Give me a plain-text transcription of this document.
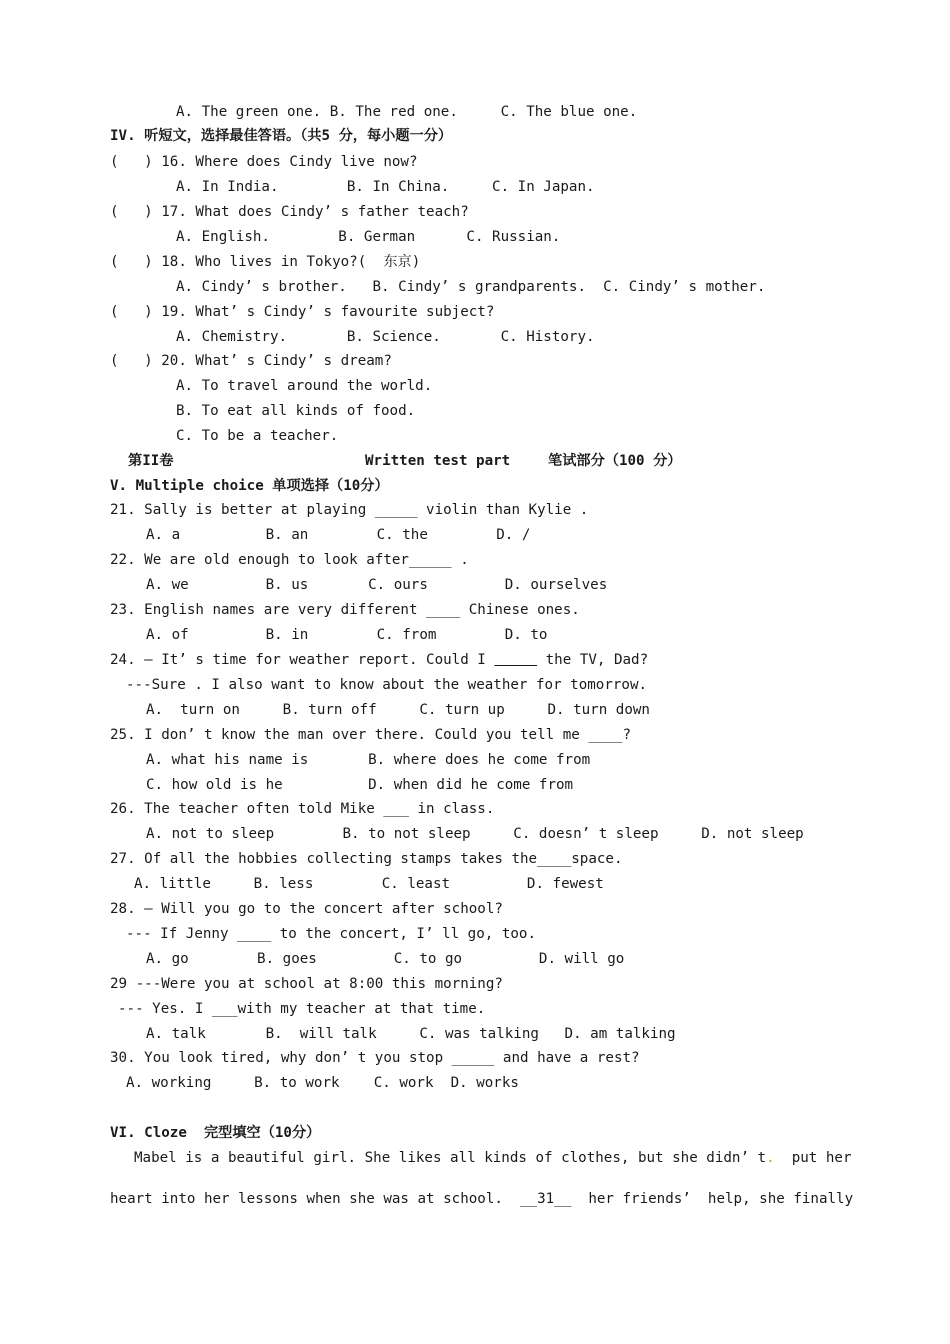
A. The green one. B. The red one.     C. The blue one.
IV. 听短文，选择最佳答语。（共5 分，每小题一分）
(   ) 16. Where does Cindy live now?
A. In India.        B. In China.     C. In Japan.
(   ) 17. What does Cindy’ s father teach?
A. English.        B. German      C. Russian.
(   ) 18. Who lives in Tokyo?(  东京)
A. Cindy’ s brother.   B. Cindy’ s grandparents.  C. Cindy’ s mother.
(   ) 19. What’ s Cindy’ s favourite subject?
A. Chemistry.       B. Science.       C. History.
(   ) 20. What’ s Cindy’ s dream?
A. To travel around the world.
B. To eat all kinds of food.
C. To be a teacher.
第II卷	Written test part	笔试部分（100 分）
V. Multiple choice 单项选择（10分）
21. Sally is better at playing _____ violin than Kylie .
A. a          B. an        C. the        D. /
22. We are old enough to look after_____ .
A. we         B. us       C. ours         D. ourselves
23. English names are very different ____ Chinese ones.
A. of         B. in        C. from        D. to
24. – It’ s time for weather report. Could I	the TV, Dad?
---Sure . I also want to know about the weather for tomorrow.
A.  turn on     B. turn off     C. turn up     D. turn down
25. I don’ t know the man over there. Could you tell me ____?
A. what his name is       B. where does he come from
C. how old is he          D. when did he come from
26. The teacher often told Mike ___ in class.
A. not to sleep        B. to not sleep     C. doesn’ t sleep     D. not sleep
27. Of all the hobbies collecting stamps takes the____space.
A. little     B. less        C. least         D. fewest
28. – Will you go to the concert after school?
--- If Jenny ____ to the concert, I’ ll go, too.
A. go        B. goes         C. to go         D. will go
29 ---Were you at school at 8:00 this morning?
--- Yes. I ___with my teacher at that time.
A. talk       B.  will talk     C. was talking   D. am talking
30. You look tired, why don’ t you stop _____ and have a rest?
A. working     B. to work    C. work  D. works
VI. Cloze  完型填空（10分）
Mabel is a beautiful girl. She likes all kinds of clothes, but she didn’ t.  put her
heart into her lessons when she was at school.  __31__  her friends’  help, she finally
